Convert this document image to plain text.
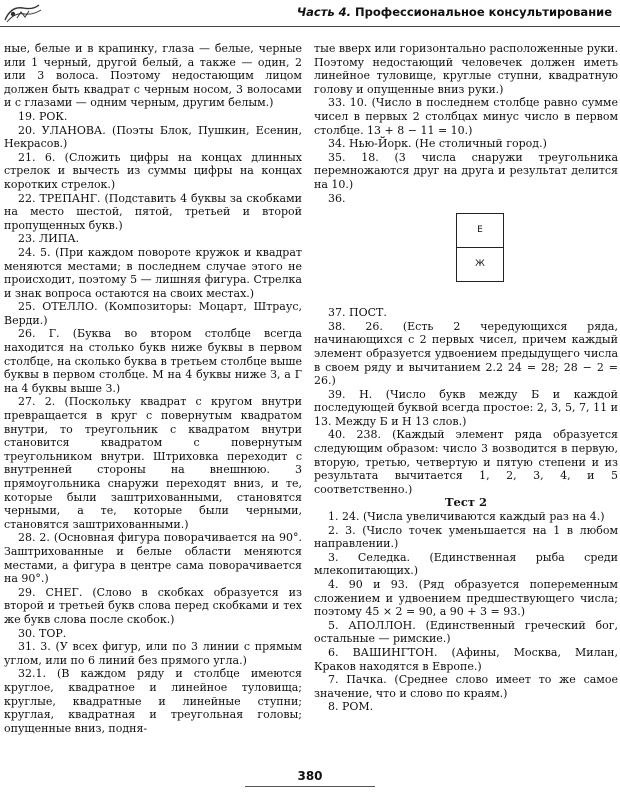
Часть 4. Профессиональное консультирование

ные, белые и в крапинку, глаза — белые, черные или 1 черный, другой белый, а также — один, 2 или 3 волоса. Поэтому недостающим лицом должен быть квадрат с черным носом, 3 волосами и с глазами — одним черным, другим белым.)

19. РОК.

20. УЛАНОВА. (Поэты Блок, Пушкин, Есенин, Некрасов.)

21. 6. (Сложить цифры на концах длинных стрелок и вычесть из суммы цифры на концах коротких стрелок.)

22. ТРЕПАНГ. (Подставить 4 буквы за скобками на место шестой, пятой, третьей и второй пропущенных букв.)

23. ЛИПА.

24. 5. (При каждом повороте кружок и квадрат меняются местами; в последнем случае этого не происходит, поэтому 5 — лишняя фигура. Стрелка и знак вопроса остаются на своих местах.)

25. ОТЕЛЛО. (Композиторы: Моцарт, Штраус, Верди.)

26. Г. (Буква во втором столбце всегда находится на столько букв ниже буквы в первом столбце, на сколько буква в третьем столбце выше буквы в первом столбце. М на 4 буквы ниже З, а Г на 4 буквы выше З.)

27. 2. (Поскольку квадрат с кругом внутри превращается в круг с повернутым квадратом внутри, то треугольник с квадратом внутри становится квадратом с повернутым треугольником внутри. Штриховка переходит с внутренней стороны на внешнюю. 3 прямоугольника снаружи переходят вниз, и те, которые были заштрихованными, становятся черными, а те, которые были черными, становятся заштрихованными.)

28. 2. (Основная фигура поворачивается на 90°. Заштрихованные и белые области меняются местами, а фигура в центре сама поворачивается на 90°.)

29. СНЕГ. (Слово в скобках образуется из второй и третьей букв слова перед скобками и тех же букв слова после скобок.)

30. ТОР.

31. 3. (У всех фигур, или по 3 линии с прямым углом, или по 6 линий без прямого угла.)

32.1. (В каждом ряду и столбце имеются круглое, квадратное и линейное туловища; круглые, квадратные и линейные ступни; круглая, квадратная и треугольная головы; опущенные вниз, подня-

тые вверх или горизонтально расположенные руки. Поэтому недостающий человечек должен иметь линейное туловище, круглые ступни, квадратную голову и опущенные вниз руки.)

33. 10. (Число в последнем столбце равно сумме чисел в первых 2 столбцах минус число в первом столбце. 13 + 8 − 11 = 10.)

34. Нью-Йорк. (Не столичный город.)

35. 18. (3 числа снаружи треугольника перемножаются друг на друга и результат делится на 10.)

36.

Е
Ж

37. ПОСТ.

38. 26. (Есть 2 чередующихся ряда, начинающихся с 2 первых чисел, причем каждый элемент образуется удвоением предыдущего числа в своем ряду и вычитанием 2.2 24 = 28; 28 − 2 = 26.)

39. Н. (Число букв между Б и каждой последующей буквой всегда простое: 2, 3, 5, 7, 11 и 13. Между Б и Н 13 слов.)

40. 238. (Каждый элемент ряда образуется следующим образом: число 3 возводится в первую, вторую, третью, четвертую и пятую степени и из результата вычитается 1, 2, 3, 4, и 5 соответственно.)

Тест 2

1. 24. (Числа увеличиваются каждый раз на 4.)

2. 3. (Число точек уменьшается на 1 в любом направлении.)

3. Селедка. (Единственная рыба среди млекопитающих.)

4. 90 и 93. (Ряд образуется попеременным сложением и удвоением предшествующего числа; поэтому 45 × 2 = 90, а 90 + 3 = 93.)

5. АПОЛЛОН. (Единственный греческий бог, остальные — римские.)

6. ВАШИНГТОН. (Афины, Москва, Милан, Краков находятся в Европе.)

7. Пачка. (Среднее слово имеет то же самое значение, что и слово по краям.)

8. РОМ.

380
